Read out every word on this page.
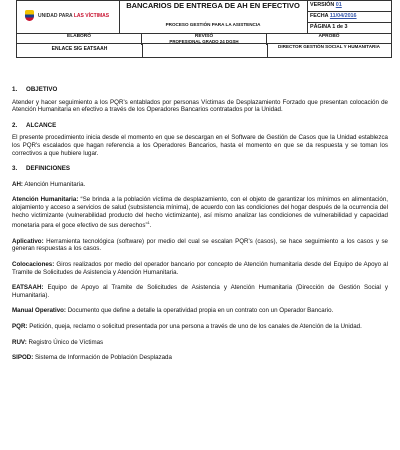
UNIDAD PARA LAS VÍCTIMAS
BANCARIOS DE ENTREGA DE AH EN EFECTIVO
PROCESO GESTIÓN PARA LA ASISTENCIA
VERSIÓN 01
FECHA 11/04/2016
PÁGINA 1 de 3
ELABORÓ	REVISÓ
PROFESIONAL GRADO 24 DGSH
APROBÓ
ENLACE SIG EATSAAH	DIRECTOR GESTIÓN SOCIAL Y HUMANITARIA
1. OBJETIVO

Atender y hacer seguimiento a los PQR's entablados por personas Víctimas de Desplazamiento Forzado que presentan colocación de Atención Humanitaria en efectivo a través de los Operadores Bancarios contratados por la Unidad.

2. ALCANCE

El presente procedimiento inicia desde el momento en que se descargan en el Software de Gestión de Casos que la Unidad establezca los PQR's escalados que hagan referencia a los Operadores Bancarios, hasta el momento en que se da respuesta y se toman los correctivos a que hubiere lugar.

3. DEFINICIONES
AH: Atención Humanitaria.
Atención Humanitaria: “Se brinda a la población víctima de desplazamiento, con el objeto de garantizar los mínimos en alimentación, alojamiento y acceso a servicios de salud (subsistencia mínima), de acuerdo con las condiciones del hogar después de la ocurrencia del hecho victimizante (vulnerabilidad producto del hecho victimizante), así mismo analizar las condiciones de vulnerabilidad y capacidad monetaria para el goce efectivo de sus derechos”$^1$.
Aplicativo: Herramienta tecnológica (software) por medio del cual se escalan PQR's (casos), se hace seguimiento a los casos y se generan respuestas a los casos.
Colocaciones: Giros realizados por medio del operador bancario por concepto de Atención humanitaria desde del Equipo de Apoyo al Tramite de Solicitudes de Asistencia y Atención Humanitaria.
EATSAAH: Equipo de Apoyo al Tramite de Solicitudes de Asistencia y Atención Humanitaria (Dirección de Gestión Social y Humanitaria).
Manual Operativo: Documento que define a detalle la operatividad propia en un contrato con un Operador Bancario.
PQR: Petición, queja, reclamo o solicitud presentada por una persona a través de uno de los canales de Atención de la Unidad.
RUV: Registro Único de Víctimas
SIPOD: Sistema de Información de Población Desplazada
